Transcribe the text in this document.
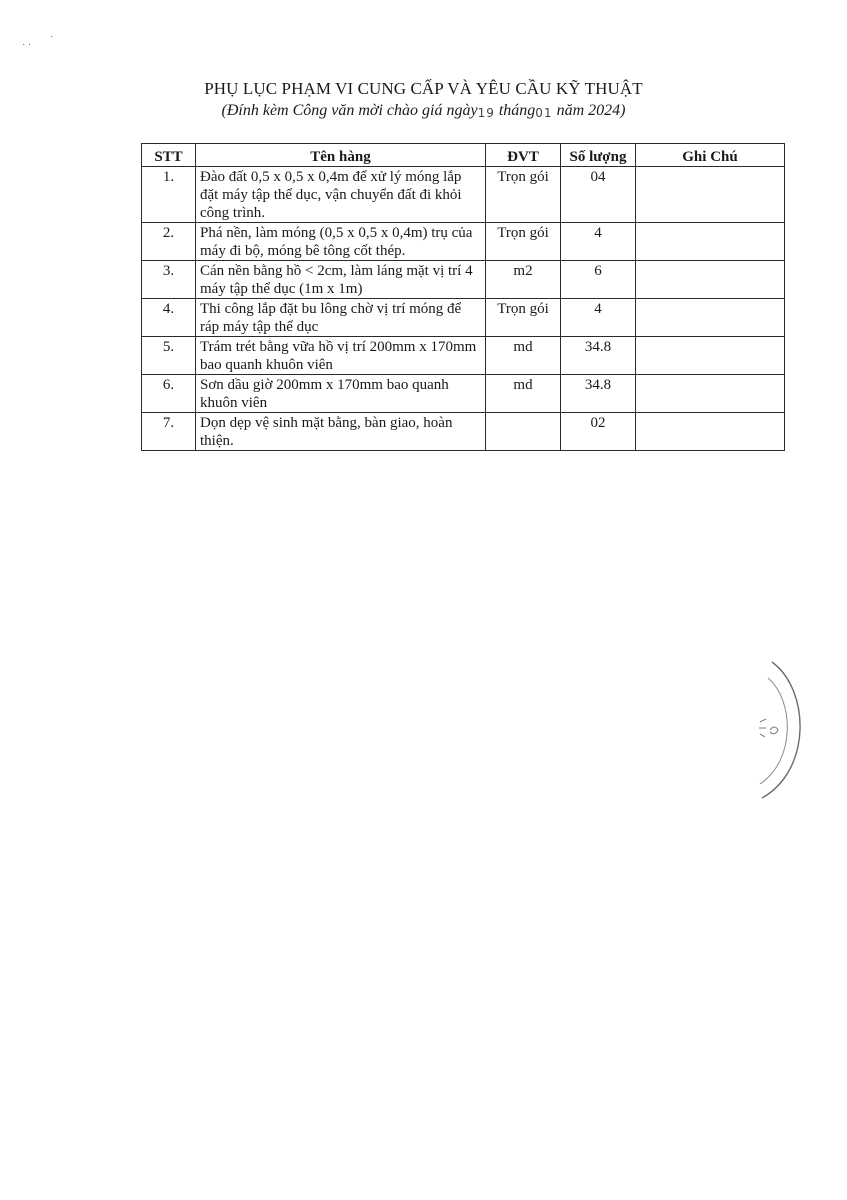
˙ ˙
˙

PHỤ LỤC PHẠM VI CUNG CẤP VÀ YÊU CẦU KỸ THUẬT

(Đính kèm Công văn mời chào giá ngày19 tháng01 năm 2024)

STT	Tên hàng	ĐVT	Số lượng	Ghi Chú
1.	Đào đất 0,5 x 0,5 x 0,4m để xử lý móng lắp đặt máy tập thể dục, vận chuyển đất đi khỏi công trình.	Trọn gói	04	
2.	Phá nền, làm móng (0,5 x 0,5 x 0,4m) trụ của máy đi bộ, móng bê tông cốt thép.	Trọn gói	4	
3.	Cán nền bằng hồ < 2cm, làm láng mặt vị trí 4 máy tập thể dục (1m x 1m)	m2	6	
4.	Thi công lắp đặt bu lông chờ vị trí móng để ráp máy tập thể dục	Trọn gói	4	
5.	Trám trét bằng vữa hồ vị trí 200mm x 170mm bao quanh khuôn viên	md	34.8	
6.	Sơn dầu giờ 200mm x 170mm bao quanh khuôn viên	md	34.8	
7.	Dọn dẹp vệ sinh mặt bằng, bàn giao, hoàn thiện.		02	
